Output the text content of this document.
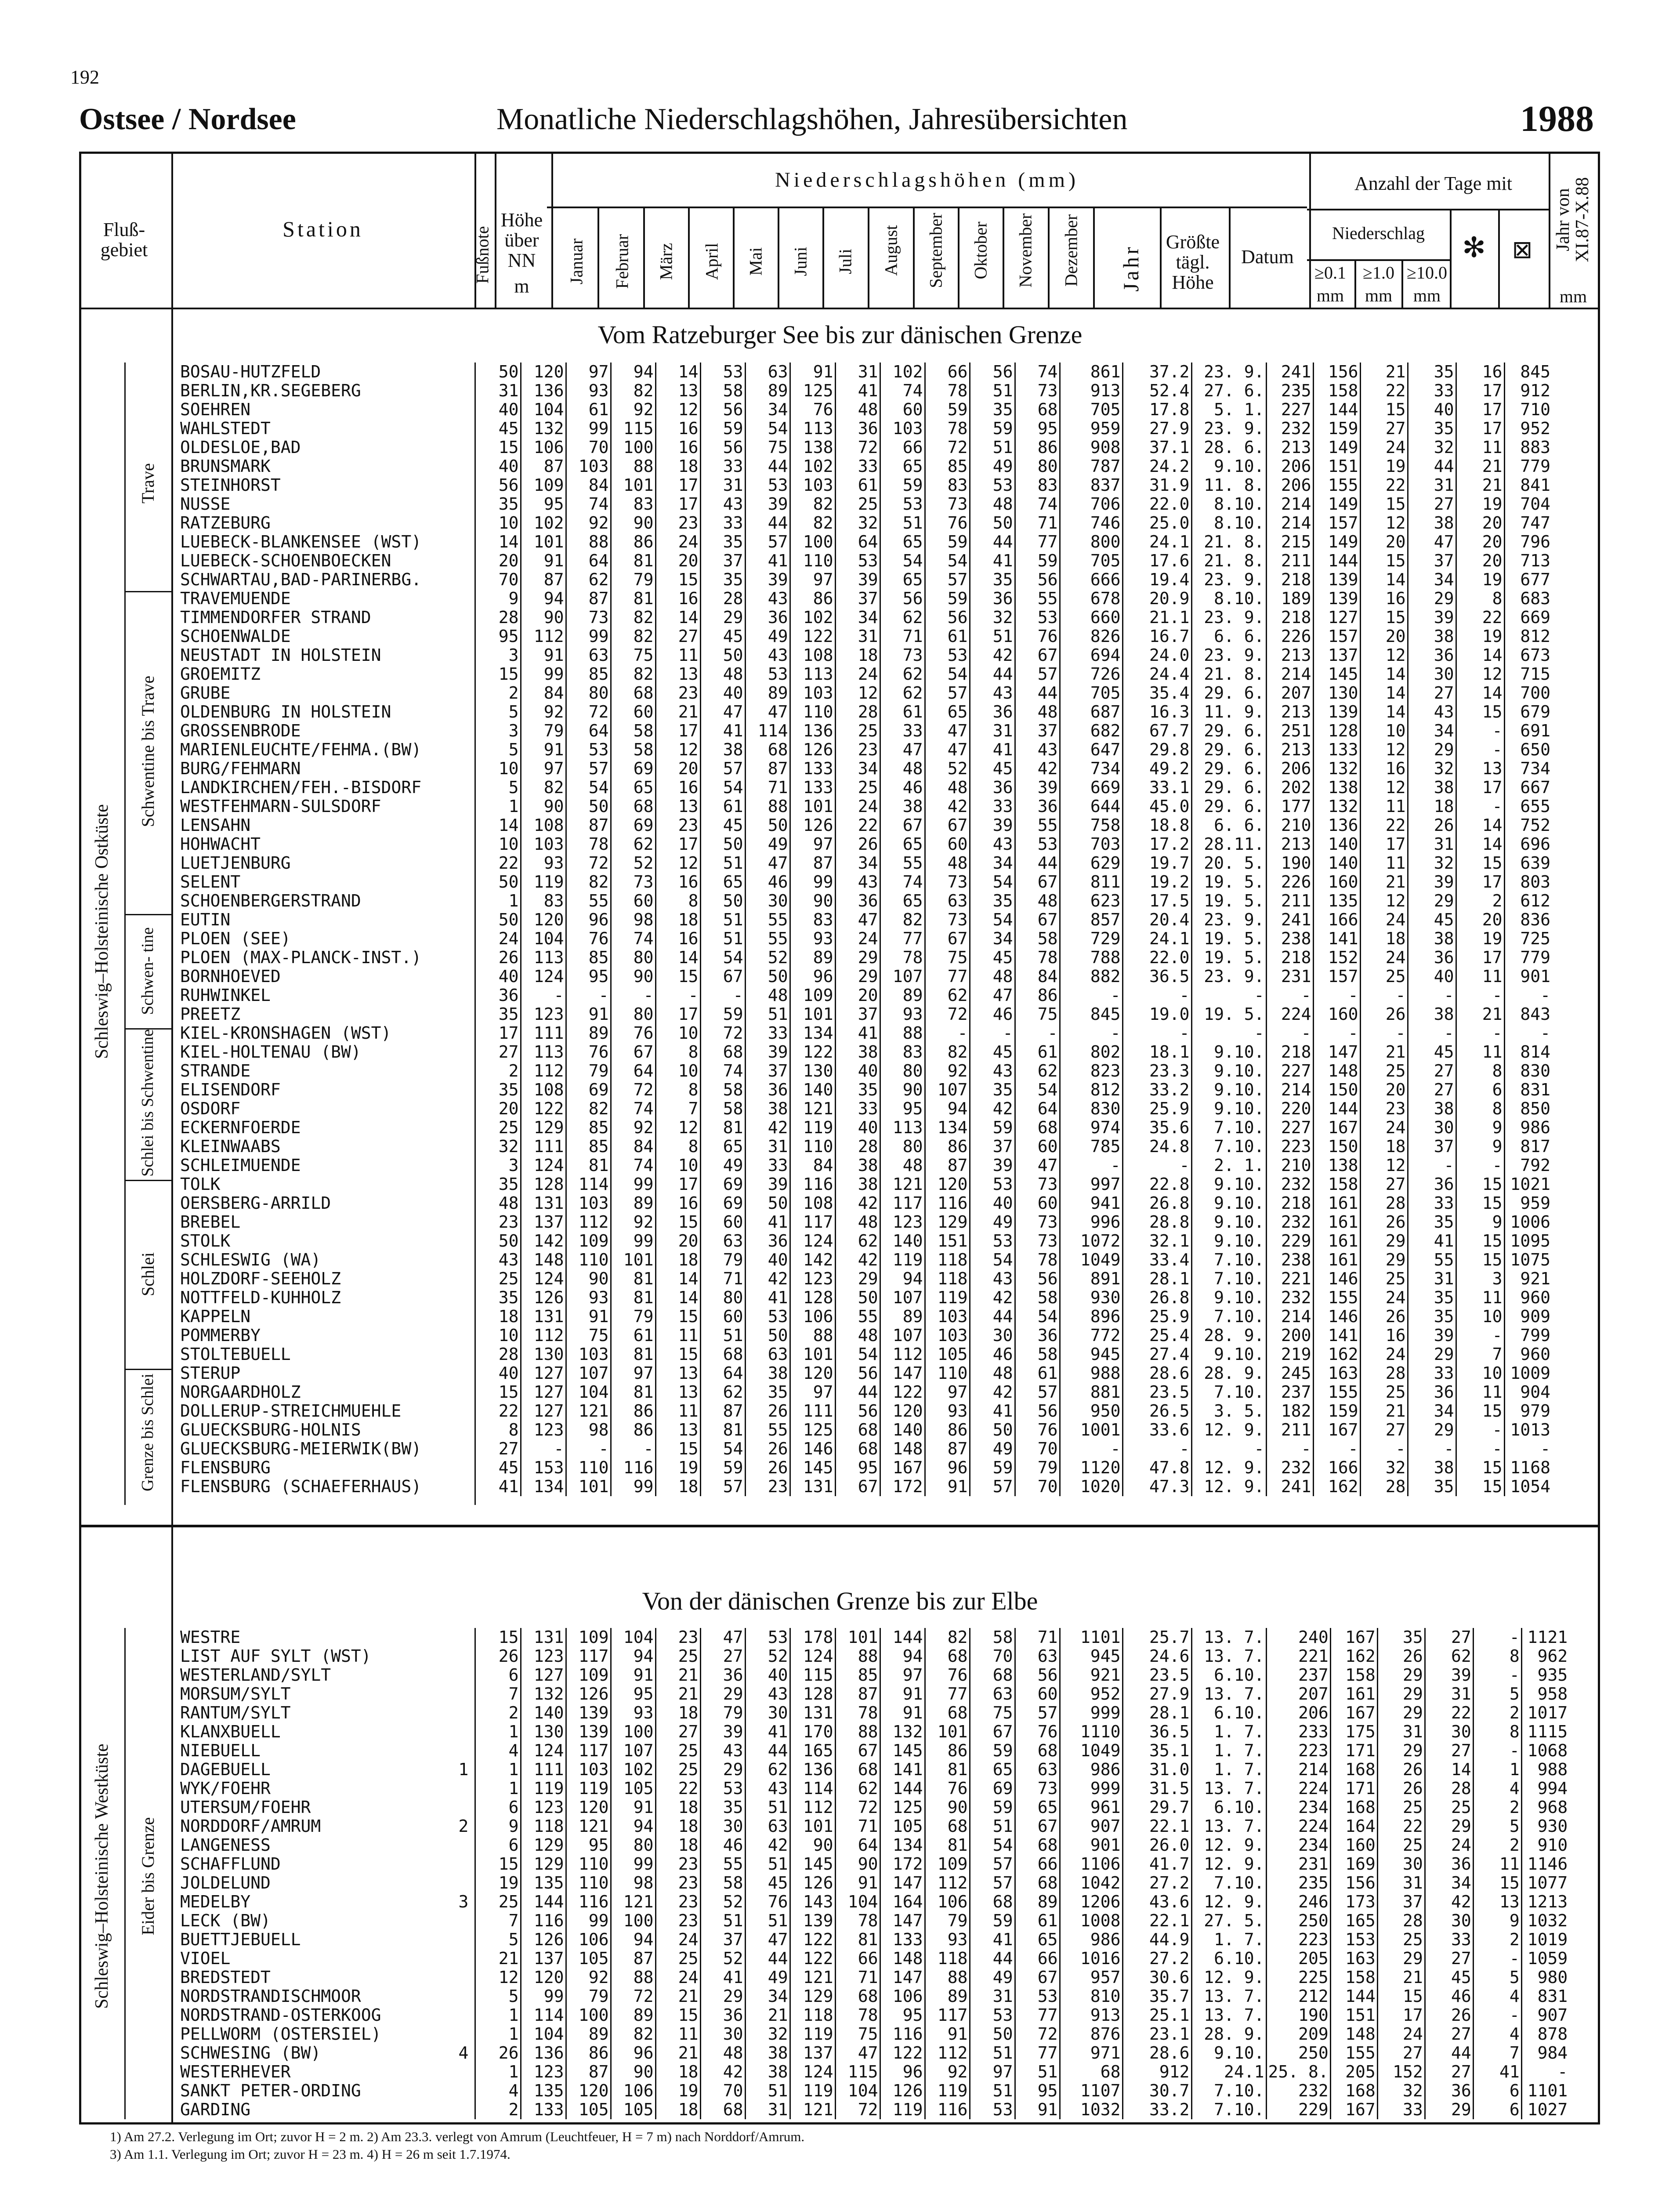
192
Ostsee / Nordsee	Monatliche Niederschlagshöhen, Jahresübersichten	1988
Fluß- gebiet
Station	Fußnote
Höhe
über
NN
m
Niederschlagshöhen (mm)
Januar Februar März April Mai Juni Juli August September Oktober November Dezember Jahr
Größte
tägl.
Höhe
Datum
Anzahl der Tage mit
Niederschlag
≥0.1 ≥1.0 ≥10.0
mm	mm	mm
✻	⊠	Jahr von
XI.87-X.88
mm
Vom Ratzeburger See bis zur dänischen Grenze
Von der dänischen Grenze bis zur Elbe
Schleswig–Holsteinische Ostküste
Schleswig–Holsteinische Westküste
Trave
Schwentine bis Trave
Schwen- tine
Schlei bis Schwentine
Schlei
Grenze bis Schlei
Eider bis Grenze
BOSAU-HUTZFELD		50	120	97	94	14	53	63	91	31	102	66	56	74	861	37.2	23. 9.	241	156	21	35	16	845
BERLIN,KR.SEGEBERG		31	136	93	82	13	58	89	125	41	74	78	51	73	913	52.4	27. 6.	235	158	22	33	17	912
SOEHREN		40	104	61	92	12	56	34	76	48	60	59	35	68	705	17.8	5. 1.	227	144	15	40	17	710
WAHLSTEDT		45	132	99	115	16	59	54	113	36	103	78	59	95	959	27.9	23. 9.	232	159	27	35	17	952
OLDESLOE,BAD		15	106	70	100	16	56	75	138	72	66	72	51	86	908	37.1	28. 6.	213	149	24	32	11	883
BRUNSMARK		40	87	103	88	18	33	44	102	33	65	85	49	80	787	24.2	9.10.	206	151	19	44	21	779
STEINHORST		56	109	84	101	17	31	53	103	61	59	83	53	83	837	31.9	11. 8.	206	155	22	31	21	841
NUSSE		35	95	74	83	17	43	39	82	25	53	73	48	74	706	22.0	8.10.	214	149	15	27	19	704
RATZEBURG		10	102	92	90	23	33	44	82	32	51	76	50	71	746	25.0	8.10.	214	157	12	38	20	747
LUEBECK-BLANKENSEE (WST)		14	101	88	86	24	35	57	100	64	65	59	44	77	800	24.1	21. 8.	215	149	20	47	20	796
LUEBECK-SCHOENBOECKEN		20	91	64	81	20	37	41	110	53	54	54	41	59	705	17.6	21. 8.	211	144	15	37	20	713
SCHWARTAU,BAD-PARINERBG.		70	87	62	79	15	35	39	97	39	65	57	35	56	666	19.4	23. 9.	218	139	14	34	19	677
TRAVEMUENDE		9	94	87	81	16	28	43	86	37	56	59	36	55	678	20.9	8.10.	189	139	16	29	8	683
TIMMENDORFER STRAND		28	90	73	82	14	29	36	102	34	62	56	32	53	660	21.1	23. 9.	218	127	15	39	22	669
SCHOENWALDE		95	112	99	82	27	45	49	122	31	71	61	51	76	826	16.7	6. 6.	226	157	20	38	19	812
NEUSTADT IN HOLSTEIN		3	91	63	75	11	50	43	108	18	73	53	42	67	694	24.0	23. 9.	213	137	12	36	14	673
GROEMITZ		15	99	85	82	13	48	53	113	24	62	54	44	57	726	24.4	21. 8.	214	145	14	30	12	715
GRUBE		2	84	80	68	23	40	89	103	12	62	57	43	44	705	35.4	29. 6.	207	130	14	27	14	700
OLDENBURG IN HOLSTEIN		5	92	72	60	21	47	47	110	28	61	65	36	48	687	16.3	11. 9.	213	139	14	43	15	679
GROSSENBRODE		3	79	64	58	17	41	114	136	25	33	47	31	37	682	67.7	29. 6.	251	128	10	34	-	691
MARIENLEUCHTE/FEHMA.(BW)		5	91	53	58	12	38	68	126	23	47	47	41	43	647	29.8	29. 6.	213	133	12	29	-	650
BURG/FEHMARN		10	97	57	69	20	57	87	133	34	48	52	45	42	734	49.2	29. 6.	206	132	16	32	13	734
LANDKIRCHEN/FEH.-BISDORF		5	82	54	65	16	54	71	133	25	46	48	36	39	669	33.1	29. 6.	202	138	12	38	17	667
WESTFEHMARN-SULSDORF		1	90	50	68	13	61	88	101	24	38	42	33	36	644	45.0	29. 6.	177	132	11	18	-	655
LENSAHN		14	108	87	69	23	45	50	126	22	67	67	39	55	758	18.8	6. 6.	210	136	22	26	14	752
HOHWACHT		10	103	78	62	17	50	49	97	26	65	60	43	53	703	17.2	28.11.	213	140	17	31	14	696
LUETJENBURG		22	93	72	52	12	51	47	87	34	55	48	34	44	629	19.7	20. 5.	190	140	11	32	15	639
SELENT		50	119	82	73	16	65	46	99	43	74	73	54	67	811	19.2	19. 5.	226	160	21	39	17	803
SCHOENBERGERSTRAND		1	83	55	60	8	50	30	90	36	65	63	35	48	623	17.5	19. 5.	211	135	12	29	2	612
EUTIN		50	120	96	98	18	51	55	83	47	82	73	54	67	857	20.4	23. 9.	241	166	24	45	20	836
PLOEN (SEE)		24	104	76	74	16	51	55	93	24	77	67	34	58	729	24.1	19. 5.	238	141	18	38	19	725
PLOEN (MAX-PLANCK-INST.)		26	113	85	80	14	54	52	89	29	78	75	45	78	788	22.0	19. 5.	218	152	24	36	17	779
BORNHOEVED		40	124	95	90	15	67	50	96	29	107	77	48	84	882	36.5	23. 9.	231	157	25	40	11	901
RUHWINKEL		36	-	-	-	-	-	48	109	20	89	62	47	86	-	-	-	-	-	-	-	-	-
PREETZ		35	123	91	80	17	59	51	101	37	93	72	46	75	845	19.0	19. 5.	224	160	26	38	21	843
KIEL-KRONSHAGEN (WST)		17	111	89	76	10	72	33	134	41	88	-	-	-	-	-	-	-	-	-	-	-	-
KIEL-HOLTENAU (BW)		27	113	76	67	8	68	39	122	38	83	82	45	61	802	18.1	9.10.	218	147	21	45	11	814
STRANDE		2	112	79	64	10	74	37	130	40	80	92	43	62	823	23.3	9.10.	227	148	25	27	8	830
ELISENDORF		35	108	69	72	8	58	36	140	35	90	107	35	54	812	33.2	9.10.	214	150	20	27	6	831
OSDORF		20	122	82	74	7	58	38	121	33	95	94	42	64	830	25.9	9.10.	220	144	23	38	8	850
ECKERNFOERDE		25	129	85	92	12	81	42	119	40	113	134	59	68	974	35.6	7.10.	227	167	24	30	9	986
KLEINWAABS		32	111	85	84	8	65	31	110	28	80	86	37	60	785	24.8	7.10.	223	150	18	37	9	817
SCHLEIMUENDE		3	124	81	74	10	49	33	84	38	48	87	39	47	-	-	2. 1.	210	138	12	-	-	792
TOLK		35	128	114	99	17	69	39	116	38	121	120	53	73	997	22.8	9.10.	232	158	27	36	15	1021
OERSBERG-ARRILD		48	131	103	89	16	69	50	108	42	117	116	40	60	941	26.8	9.10.	218	161	28	33	15	959
BREBEL		23	137	112	92	15	60	41	117	48	123	129	49	73	996	28.8	9.10.	232	161	26	35	9	1006
STOLK		50	142	109	99	20	63	36	124	62	140	151	53	73	1072	32.1	9.10.	229	161	29	41	15	1095
SCHLESWIG (WA)		43	148	110	101	18	79	40	142	42	119	118	54	78	1049	33.4	7.10.	238	161	29	55	15	1075
HOLZDORF-SEEHOLZ		25	124	90	81	14	71	42	123	29	94	118	43	56	891	28.1	7.10.	221	146	25	31	3	921
NOTTFELD-KUHHOLZ		35	126	93	81	14	80	41	128	50	107	119	42	58	930	26.8	9.10.	232	155	24	35	11	960
KAPPELN		18	131	91	79	15	60	53	106	55	89	103	44	54	896	25.9	7.10.	214	146	26	35	10	909
POMMERBY		10	112	75	61	11	51	50	88	48	107	103	30	36	772	25.4	28. 9.	200	141	16	39	-	799
STOLTEBUELL		28	130	103	81	15	68	63	101	54	112	105	46	58	945	27.4	9.10.	219	162	24	29	7	960
STERUP		40	127	107	97	13	64	38	120	56	147	110	48	61	988	28.6	28. 9.	245	163	28	33	10	1009
NORGAARDHOLZ		15	127	104	81	13	62	35	97	44	122	97	42	57	881	23.5	7.10.	237	155	25	36	11	904
DOLLERUP-STREICHMUEHLE		22	127	121	86	11	87	26	111	56	120	93	41	56	950	26.5	3. 5.	182	159	21	34	15	979
GLUECKSBURG-HOLNIS		8	123	98	86	13	81	55	125	68	140	86	50	76	1001	33.6	12. 9.	211	167	27	29	-	1013
GLUECKSBURG-MEIERWIK(BW)		27	-	-	-	15	54	26	146	68	148	87	49	70	-	-	-	-	-	-	-	-	-
FLENSBURG		45	153	110	116	19	59	26	145	95	167	96	59	79	1120	47.8	12. 9.	232	166	32	38	15	1168
FLENSBURG (SCHAEFERHAUS)		41	134	101	99	18	57	23	131	67	172	91	57	70	1020	47.3	12. 9.	241	162	28	35	15	1054
WESTRE		15	131	109	104	23	47	53	178	101	144	82	58	71	1101	25.7	13. 7.	240	167	35	27	-	1121
LIST AUF SYLT (WST)		26	123	117	94	25	27	52	124	88	94	68	70	63	945	24.6	13. 7.	221	162	26	62	8	962
WESTERLAND/SYLT		6	127	109	91	21	36	40	115	85	97	76	68	56	921	23.5	6.10.	237	158	29	39	-	935
MORSUM/SYLT		7	132	126	95	21	29	43	128	87	91	77	63	60	952	27.9	13. 7.	207	161	29	31	5	958
RANTUM/SYLT		2	140	139	93	18	79	30	131	78	91	68	75	57	999	28.1	6.10.	206	167	29	22	2	1017
KLANXBUELL		1	130	139	100	27	39	41	170	88	132	101	67	76	1110	36.5	1. 7.	233	175	31	30	8	1115
NIEBUELL		4	124	117	107	25	43	44	165	67	145	86	59	68	1049	35.1	1. 7.	223	171	29	27	-	1068
DAGEBUELL	1	1	111	103	102	25	29	62	136	68	141	81	65	63	986	31.0	1. 7.	214	168	26	14	1	988
WYK/FOEHR		1	119	119	105	22	53	43	114	62	144	76	69	73	999	31.5	13. 7.	224	171	26	28	4	994
UTERSUM/FOEHR		6	123	120	91	18	35	51	112	72	125	90	59	65	961	29.7	6.10.	234	168	25	25	2	968
NORDDORF/AMRUM	2	9	118	121	94	18	30	63	101	71	105	68	51	67	907	22.1	13. 7.	224	164	22	29	5	930
LANGENESS		6	129	95	80	18	46	42	90	64	134	81	54	68	901	26.0	12. 9.	234	160	25	24	2	910
SCHAFFLUND		15	129	110	99	23	55	51	145	90	172	109	57	66	1106	41.7	12. 9.	231	169	30	36	11	1146
JOLDELUND		19	135	110	98	23	58	45	126	91	147	112	57	68	1042	27.2	7.10.	235	156	31	34	15	1077
MEDELBY	3	25	144	116	121	23	52	76	143	104	164	106	68	89	1206	43.6	12. 9.	246	173	37	42	13	1213
LECK (BW)		7	116	99	100	23	51	51	139	78	147	79	59	61	1008	22.1	27. 5.	250	165	28	30	9	1032
BUETTJEBUELL		5	126	106	94	24	37	47	122	81	133	93	41	65	986	44.9	1. 7.	223	153	25	33	2	1019
VIOEL		21	137	105	87	25	52	44	122	66	148	118	44	66	1016	27.2	6.10.	205	163	29	27	-	1059
BREDSTEDT		12	120	92	88	24	41	49	121	71	147	88	49	67	957	30.6	12. 9.	225	158	21	45	5	980
NORDSTRANDISCHMOOR		5	99	79	72	21	29	34	129	68	106	89	31	53	810	35.7	13. 7.	212	144	15	46	4	831
NORDSTRAND-OSTERKOOG		1	114	100	89	15	36	21	118	78	95	117	53	77	913	25.1	13. 7.	190	151	17	26	-	907
PELLWORM (OSTERSIEL)		1	104	89	82	11	30	32	119	75	116	91	50	72	876	23.1	28. 9.	209	148	24	27	4	878
SCHWESING (BW)	4	26	136	86	96	21	48	38	137	47	122	112	51	77	971	28.6	9.10.	250	155	27	44	7	984
WESTERHEVER		1	123	87	90	18	42	38	124	115	96	92	97	51	68	912	24.1	25. 8.	205	152	27	41	-
SANKT PETER-ORDING		4	135	120	106	19	70	51	119	104	126	119	51	95	1107	30.7	7.10.	232	168	32	36	6	1101
GARDING		2	133	105	105	18	68	31	121	72	119	116	53	91	1032	33.2	7.10.	229	167	33	29	6	1027
1) Am 27.2. Verlegung im Ort; zuvor H = 2 m. 2) Am 23.3. verlegt von Amrum (Leuchtfeuer, H = 7 m) nach Norddorf/Amrum.
3) Am 1.1. Verlegung im Ort; zuvor H = 23 m. 4) H = 26 m seit 1.7.1974.
